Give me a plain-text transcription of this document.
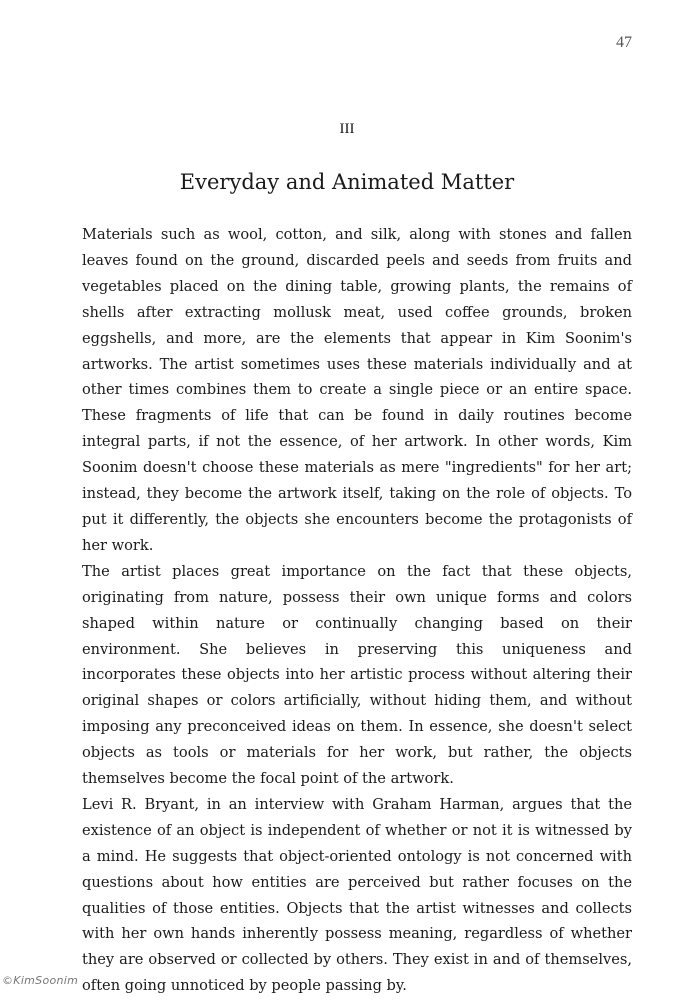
47
III
Everyday and Animated Matter

Materials such as wool, cotton, and silk, along with stones and fallen leaves found on the ground, discarded peels and seeds from fruits and vegetables placed on the dining table, growing plants, the remains of shells after extracting mollusk meat, used coffee grounds, broken eggshells, and more, are the elements that appear in Kim Soonim's artworks. The artist sometimes uses these materials individually and at other times combines them to create a single piece or an entire space. These fragments of life that can be found in daily routines become integral parts, if not the essence, of her artwork. In other words, Kim Soonim doesn't choose these materials as mere "ingredients" for her art; instead, they become the artwork itself, taking on the role of objects. To put it differently, the objects she encounters become the protagonists of her work.

The artist places great importance on the fact that these objects, originating from nature, possess their own unique forms and colors shaped within nature or continually changing based on their environment. She believes in preserving this uniqueness and incorporates these objects into her artistic process without altering their original shapes or colors artificially, without hiding them, and without imposing any preconceived ideas on them. In essence, she doesn't select objects as tools or materials for her work, but rather, the objects themselves become the focal point of the artwork.

Levi R. Bryant, in an interview with Graham Harman, argues that the existence of an object is independent of whether or not it is witnessed by a mind. He suggests that object-oriented ontology is not concerned with questions about how entities are perceived but rather focuses on the qualities of those entities. Objects that the artist witnesses and collects with her own hands inherently possess meaning, regardless of whether they are observed or collected by others. They exist in and of themselves, often going unnoticed by people passing by.

©KimSoonim
